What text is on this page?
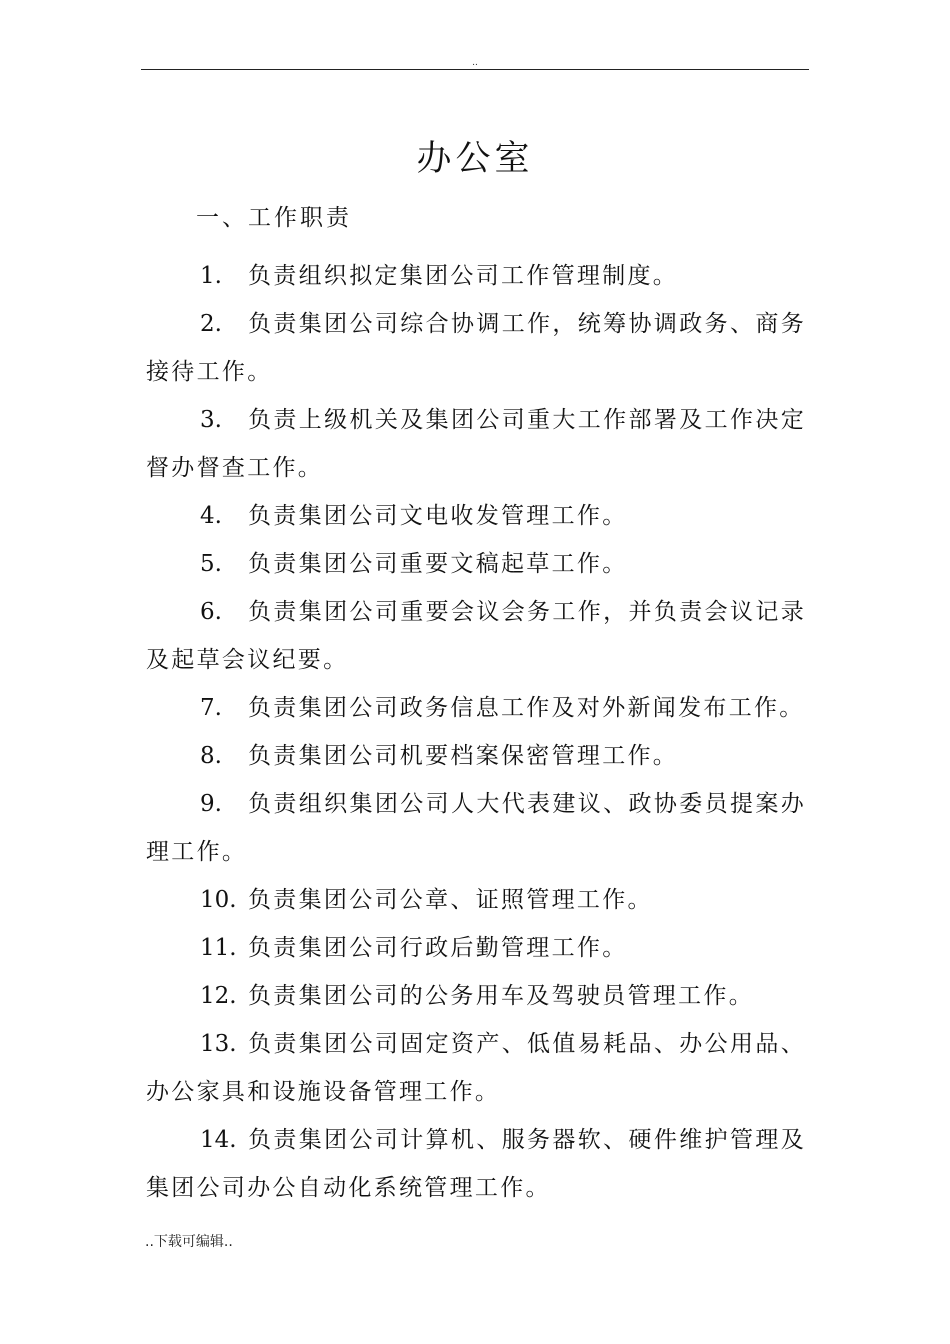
..
办公室
一、工作职责

1. 负责组织拟定集团公司工作管理制度。

2. 负责集团公司综合协调工作，统筹协调政务、商务接待工作。

3. 负责上级机关及集团公司重大工作部署及工作决定督办督查工作。

4. 负责集团公司文电收发管理工作。

5. 负责集团公司重要文稿起草工作。

6. 负责集团公司重要会议会务工作，并负责会议记录及起草会议纪要。

7. 负责集团公司政务信息工作及对外新闻发布工作。

8. 负责集团公司机要档案保密管理工作。

9. 负责组织集团公司人大代表建议、政协委员提案办理工作。

10. 负责集团公司公章、证照管理工作。

11. 负责集团公司行政后勤管理工作。

12. 负责集团公司的公务用车及驾驶员管理工作。

13. 负责集团公司固定资产、低值易耗品、办公用品、办公家具和设施设备管理工作。

14. 负责集团公司计算机、服务器软、硬件维护管理及集团公司办公自动化系统管理工作。

..下载可编辑..
